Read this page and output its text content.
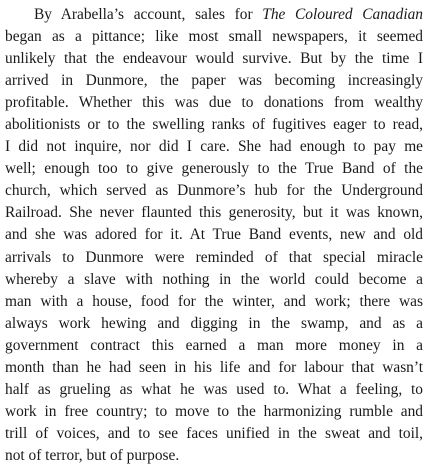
By Arabella’s account, sales for The Coloured Canadian
began as a pittance; like most small newspapers, it seemed
unlikely that the endeavour would survive. But by the time I
arrived in Dunmore, the paper was becoming increasingly
profitable. Whether this was due to donations from wealthy
abolitionists or to the swelling ranks of fugitives eager to read,
I did not inquire, nor did I care. She had enough to pay me
well; enough too to give generously to the True Band of the
church, which served as Dunmore’s hub for the Underground
Railroad. She never flaunted this generosity, but it was known,
and she was adored for it. At True Band events, new and old
arrivals to Dunmore were reminded of that special miracle
whereby a slave with nothing in the world could become a
man with a house, food for the winter, and work; there was
always work hewing and digging in the swamp, and as a
government contract this earned a man more money in a
month than he had seen in his life and for labour that wasn’t
half as grueling as what he was used to. What a feeling, to
work in free country; to move to the harmonizing rumble and
trill of voices, and to see faces unified in the sweat and toil,
not of terror, but of purpose.
